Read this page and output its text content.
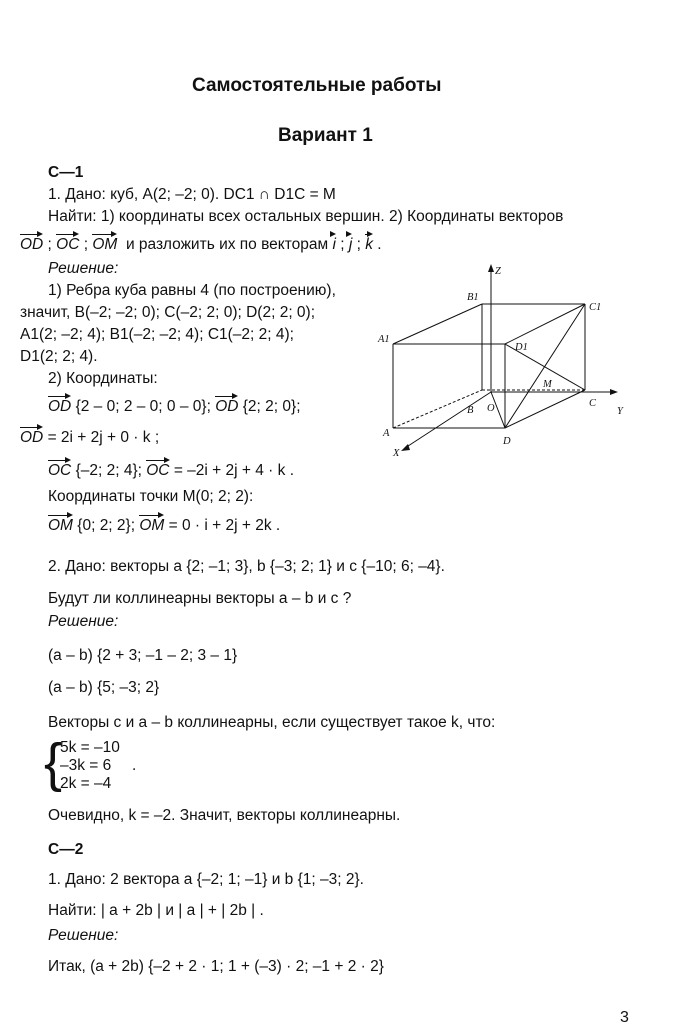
Самостоятельные работы
Вариант 1
С—1
1. Дано: куб, A(2; –2; 0). DC1 ∩ D1C = M
Найти: 1) координаты всех остальных вершин. 2) Координаты векторов
OD ; OC ; OM и разложить их по векторам i ; j ; k .
Решение:
1) Ребра куба равны 4 (по построению),
значит, B(–2; –2; 0); C(–2; 2; 0); D(2; 2; 0);
A1(2; –2; 4); B1(–2; –2; 4); C1(–2; 2; 4);
D1(2; 2; 4).
2) Координаты:
OD {2 – 0; 2 – 0; 0 – 0}; OD {2; 2; 0};
OD = 2i + 2j + 0 · k ;
OC {–2; 2; 4}; OC = –2i + 2j + 4 · k .
Координаты точки M(0; 2; 2):
OM {0; 2; 2}; OM = 0 · i + 2j + 2k .
Z
B1
C1
A1
D1
M
B O	C
Y
A
D
X
2. Дано: векторы a {2; –1; 3}, b {–3; 2; 1} и c {–10; 6; –4}.
Будут ли коллинеарны векторы a – b и c ?
Решение:
(a – b) {2 + 3; –1 – 2; 3 – 1}
(a – b) {5; –3; 2}
Векторы c и a – b коллинеарны, если существует такое k, что:
{
5k = –10
–3k = 6
2k = –4
.
Очевидно, k = –2. Значит, векторы коллинеарны.
С—2
1. Дано: 2 вектора a {–2; 1; –1} и b {1; –3; 2}.
Найти: | a + 2b | и | a | + | 2b | .
Решение:
Итак, (a + 2b) {–2 + 2 · 1; 1 + (–3) · 2; –1 + 2 · 2}
3
